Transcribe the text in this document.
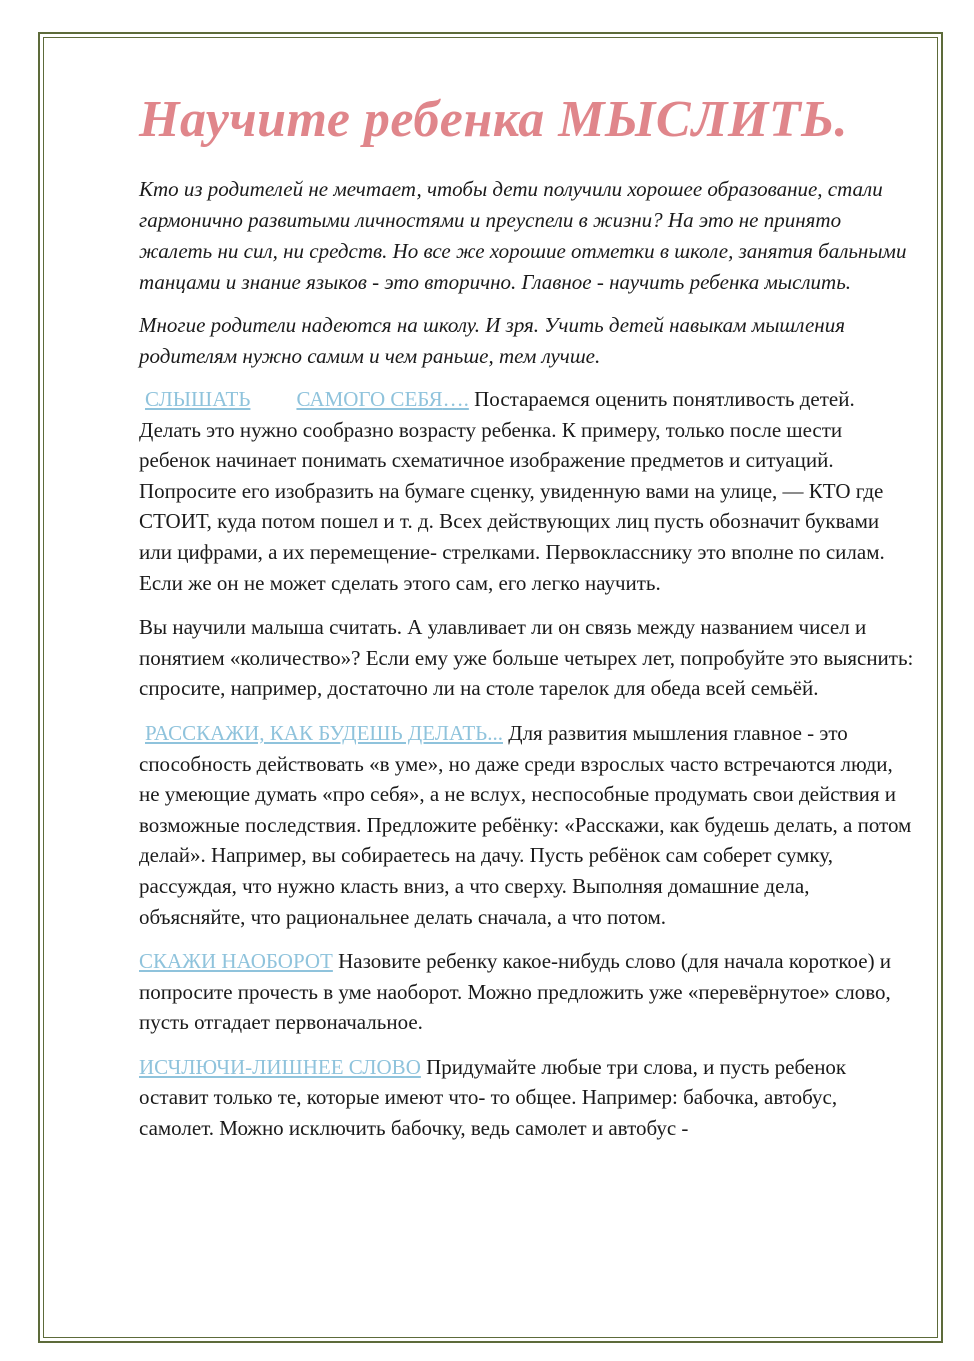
Научите ребенка МЫСЛИТЬ.

Кто из родителей не мечтает, чтобы дети получили хорошее образование, стали гармонично развитыми личностями и преуспели в жизни? На это не принято жалеть ни сил, ни средств. Но все же хорошие отметки в школе, занятия бальными танцами и знание языков - это вторично. Главное - научить ребенка мыслить.

Многие родители надеются на школу. И зря. Учить детей навыкам мышления родителям нужно самим и чем раньше, тем лучше.

СЛЫШАТЬ САМОГО СЕБЯ…. Постараемся оценить понятливость детей. Делать это нужно сообразно возрасту ребенка. К примеру, только после шести ребенок начинает понимать схематичное изображение предметов и ситуаций. Попросите его изобразить на бумаге сценку, увиденную вами на улице, — КТО где СТОИТ, куда потом пошел и т. д. Всех действующих лиц пусть обозначит буквами или цифрами, а их перемещение- стрелками. Первокласснику это вполне по силам. Если же он не может сделать этого сам, его легко научить.

Вы научили малыша считать. А улавливает ли он связь между названием чисел и понятием «количество»? Если ему уже больше четырех лет, попробуйте это выяснить: спросите, например, достаточно ли на столе тарелок для обеда всей семьёй.

РАССКАЖИ, КАК БУДЕШЬ ДЕЛАТЬ... Для развития мышления главное - это способность действовать «в уме», но даже среди взрослых часто встречаются люди, не умеющие думать «про себя», а не вслух, неспособные продумать свои действия и возможные последствия. Предложите ребёнку: «Расскажи, как будешь делать, а потом делай». Например, вы собираетесь на дачу. Пусть ребёнок сам соберет сумку, рассуждая, что нужно класть вниз, а что сверху. Выполняя домашние дела, объясняйте, что рациональнее делать сначала, а что потом.

СКАЖИ НАОБОРОТ Назовите ребенку какое-нибудь слово (для начала короткое) и попросите прочесть в уме наоборот. Можно предложить уже «перевёрнутое» слово, пусть отгадает первоначальное.

ИСЧЛЮЧИ-ЛИШНЕЕ СЛОВО Придумайте любые три слова, и пусть ребенок оставит только те, которые имеют что- то общее. Например: бабочка, автобус, самолет. Можно исключить бабочку, ведь самолет и автобус -
